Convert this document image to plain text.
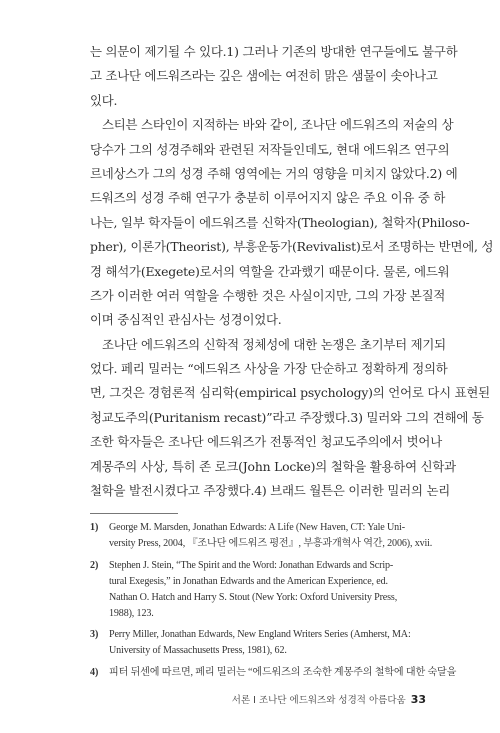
는 의문이 제기될 수 있다.1) 그러나 기존의 방대한 연구들에도 불구하
고 조나단 에드워즈라는 깊은 샘에는 여전히 맑은 샘물이 솟아나고
있다.
스티븐 스타인이 지적하는 바와 같이, 조나단 에드워즈의 저술의 상
당수가 그의 성경주해와 관련된 저작들인데도, 현대 에드워즈 연구의
르네상스가 그의 성경 주해 영역에는 거의 영향을 미치지 않았다.2) 에
드워즈의 성경 주해 연구가 충분히 이루어지지 않은 주요 이유 중 하
나는, 일부 학자들이 에드워즈를 신학자(Theologian), 철학자(Philoso-
pher), 이론가(Theorist), 부흥운동가(Revivalist)로서 조명하는 반면에, 성
경 해석가(Exegete)로서의 역할을 간과했기 때문이다. 물론, 에드워
즈가 이러한 여러 역할을 수행한 것은 사실이지만, 그의 가장 본질적
이며 중심적인 관심사는 성경이었다.
조나단 에드워즈의 신학적 정체성에 대한 논쟁은 초기부터 제기되
었다. 페리 밀러는 “에드워즈 사상을 가장 단순하고 정확하게 정의하
면, 그것은 경험론적 심리학(empirical psychology)의 언어로 다시 표현된
청교도주의(Puritanism recast)”라고 주장했다.3) 밀러와 그의 견해에 동
조한 학자들은 조나단 에드워즈가 전통적인 청교도주의에서 벗어나
계몽주의 사상, 특히 존 로크(John Locke)의 철학을 활용하여 신학과
철학을 발전시켰다고 주장했다.4) 브래드 월튼은 이러한 밀러의 논리
1)	George M. Marsden, Jonathan Edwards: A Life (New Haven, CT: Yale Uni-
versity Press, 2004, 『조나단 에드워즈 평전』, 부흥과개혁사 역간, 2006), xvii.
2)	Stephen J. Stein, “The Spirit and the Word: Jonathan Edwards and Scrip-
tural Exegesis,” in Jonathan Edwards and the American Experience, ed.
Nathan O. Hatch and Harry S. Stout (New York: Oxford University Press,
1988), 123.
3)	Perry Miller, Jonathan Edwards, New England Writers Series (Amherst, MA:
University of Massachusetts Press, 1981), 62.
4)	피터 뒤센에 따르면, 페리 밀러는 “에드워즈의 조숙한 계몽주의 철학에 대한 숙달을
서론 I 조나단 에드워즈와 성경적 아름다움 33
